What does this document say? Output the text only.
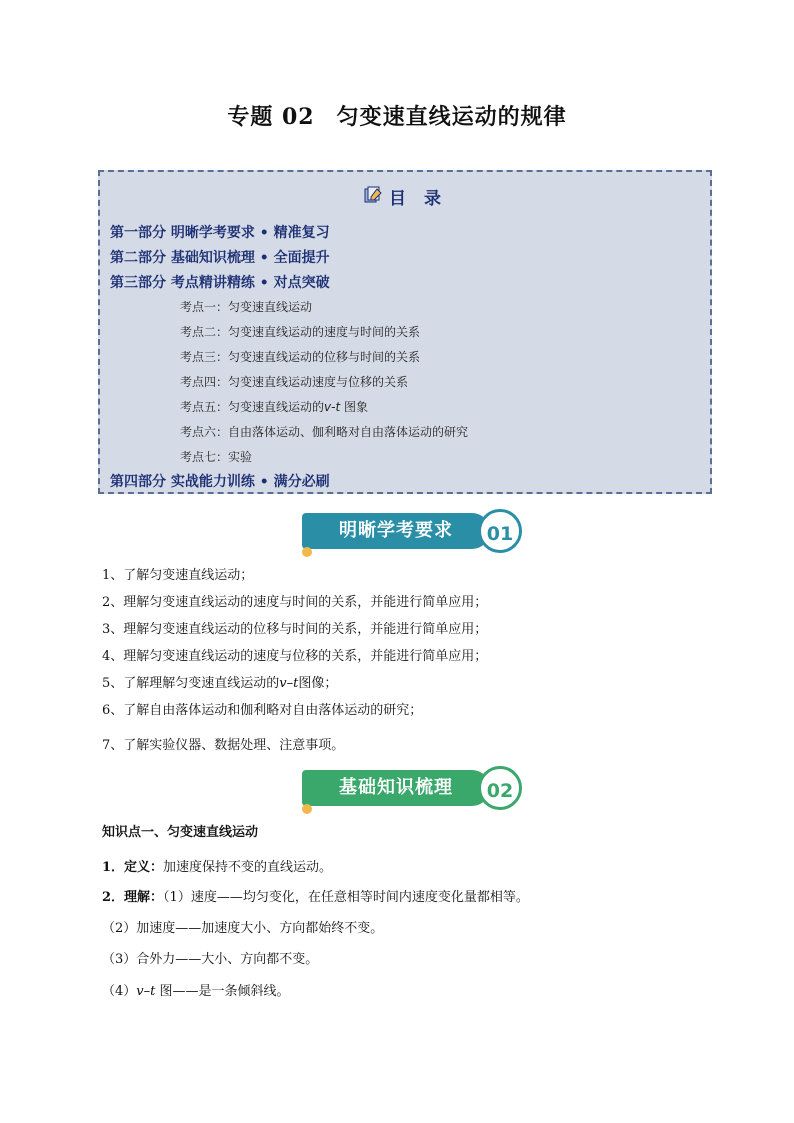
专题 02 匀变速直线运动的规律
目 录
第一部分 明晰学考要求 • 精准复习
第二部分 基础知识梳理 • 全面提升
第三部分 考点精讲精练 • 对点突破
考点一：匀变速直线运动
考点二：匀变速直线运动的速度与时间的关系
考点三：匀变速直线运动的位移与时间的关系
考点四：匀变速直线运动速度与位移的关系
考点五：匀变速直线运动的v-t 图象
考点六：自由落体运动、伽利略对自由落体运动的研究
考点七：实验
第四部分 实战能力训练 • 满分必刷
明晰学考要求	01
1、了解匀变速直线运动；
2、理解匀变速直线运动的速度与时间的关系，并能进行简单应用；
3、理解匀变速直线运动的位移与时间的关系，并能进行简单应用；
4、理解匀变速直线运动的速度与位移的关系，并能进行简单应用；
5、了解理解匀变速直线运动的v–t图像；
6、了解自由落体运动和伽利略对自由落体运动的研究；
7、了解实验仪器、数据处理、注意事项。
基础知识梳理	02
知识点一、匀变速直线运动
1．定义：加速度保持不变的直线运动。
2．理解：（1）速度——均匀变化，在任意相等时间内速度变化量都相等。
（2）加速度——加速度大小、方向都始终不变。
（3）合外力——大小、方向都不变。
（4）v–t 图——是一条倾斜线。
